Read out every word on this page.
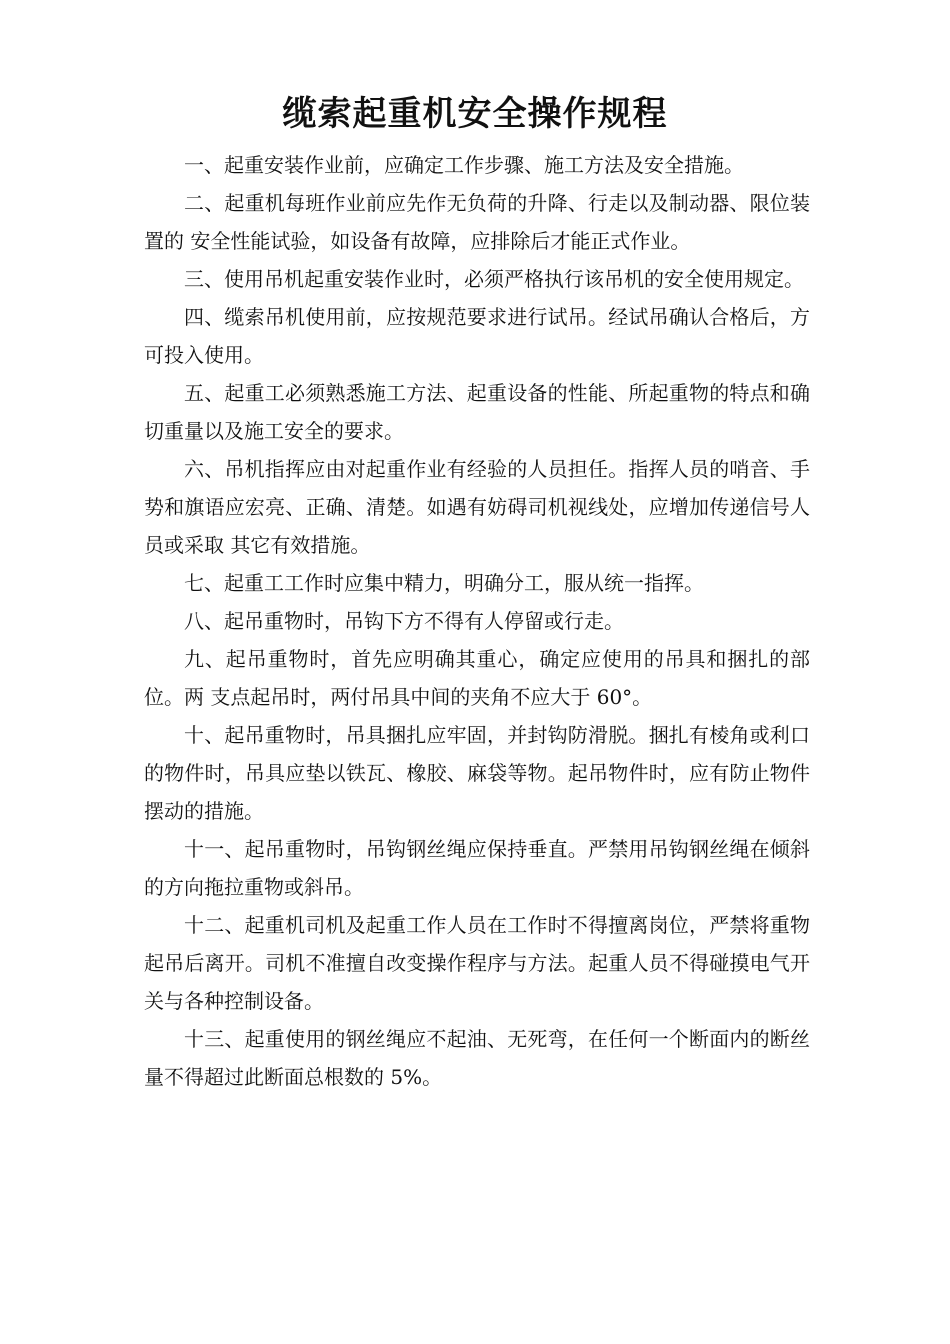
缆索起重机安全操作规程

一、起重安装作业前，应确定工作步骤、施工方法及安全措施。

二、起重机每班作业前应先作无负荷的升降、行走以及制动器、限位装置的 安全性能试验，如设备有故障，应排除后才能正式作业。

三、使用吊机起重安装作业时，必须严格执行该吊机的安全使用规定。

四、缆索吊机使用前，应按规范要求进行试吊。经试吊确认合格后，方可投入使用。

五、起重工必须熟悉施工方法、起重设备的性能、所起重物的特点和确切重量以及施工安全的要求。

六、吊机指挥应由对起重作业有经验的人员担任。指挥人员的哨音、手势和旗语应宏亮、正确、清楚。如遇有妨碍司机视线处，应增加传递信号人员或采取 其它有效措施。

七、起重工工作时应集中精力，明确分工，服从统一指挥。

八、起吊重物时，吊钩下方不得有人停留或行走。

九、起吊重物时，首先应明确其重心，确定应使用的吊具和捆扎的部位。两 支点起吊时，两付吊具中间的夹角不应大于 60°。

十、起吊重物时，吊具捆扎应牢固，并封钩防滑脱。捆扎有棱角或利口的物件时，吊具应垫以铁瓦、橡胶、麻袋等物。起吊物件时，应有防止物件摆动的措施。

十一、起吊重物时，吊钩钢丝绳应保持垂直。严禁用吊钩钢丝绳在倾斜的方向拖拉重物或斜吊。

十二、起重机司机及起重工作人员在工作时不得擅离岗位，严禁将重物起吊后离开。司机不准擅自改变操作程序与方法。起重人员不得碰摸电气开关与各种控制设备。

十三、起重使用的钢丝绳应不起油、无死弯，在任何一个断面内的断丝量不得超过此断面总根数的 5%。
